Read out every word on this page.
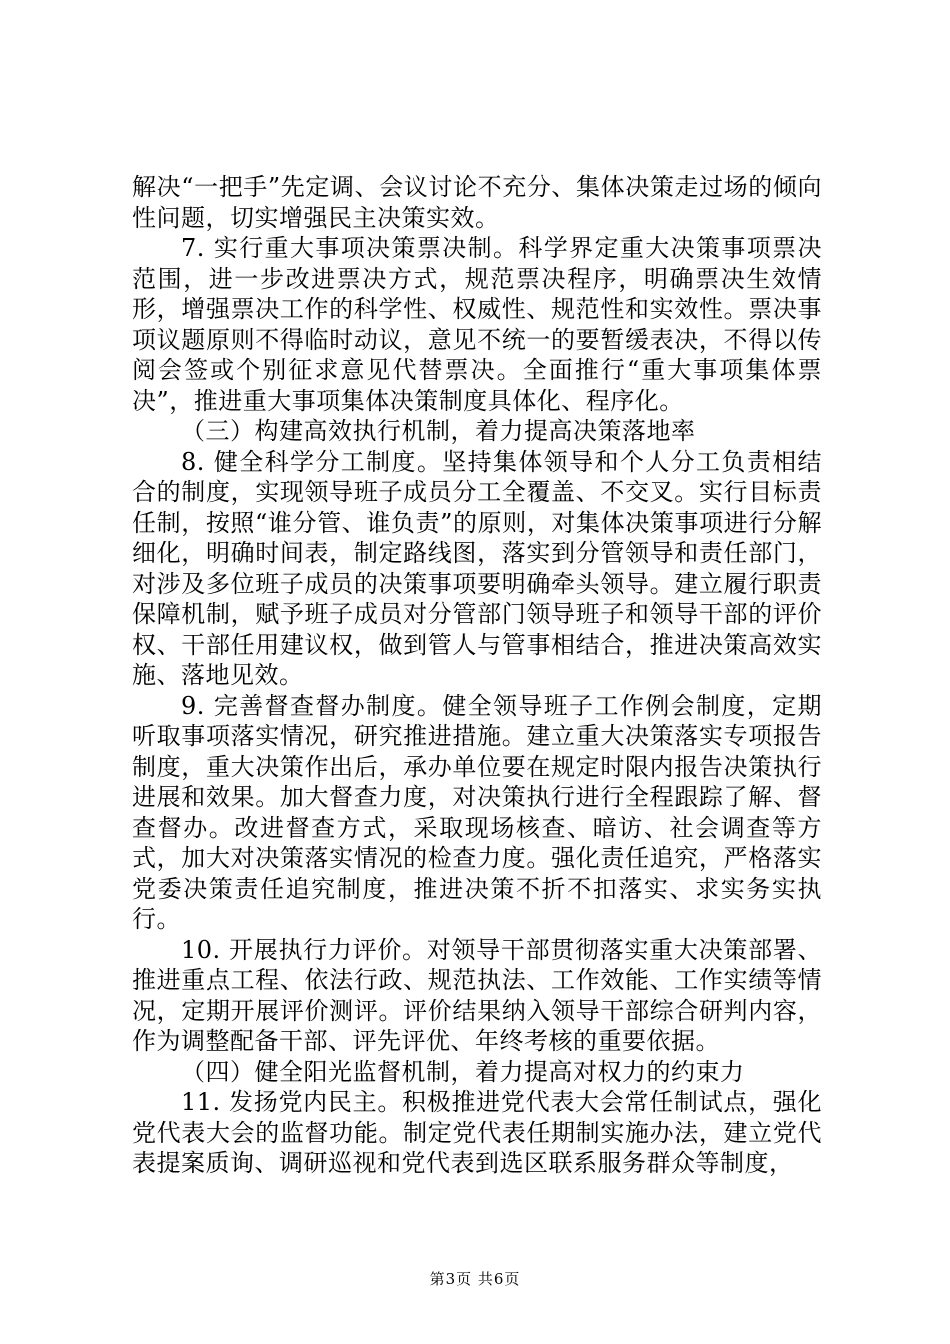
解决“一把手”先定调、会议讨论不充分、集体决策走过场的倾向性问题，切实增强民主决策实效。

7. 实行重大事项决策票决制。科学界定重大决策事项票决范围，进一步改进票决方式，规范票决程序，明确票决生效情形，增强票决工作的科学性、权威性、规范性和实效性。票决事项议题原则不得临时动议，意见不统一的要暂缓表决，不得以传阅会签或个别征求意见代替票决。全面推行“重大事项集体票决”，推进重大事项集体决策制度具体化、程序化。

（三）构建高效执行机制，着力提高决策落地率

8. 健全科学分工制度。坚持集体领导和个人分工负责相结合的制度，实现领导班子成员分工全覆盖、不交叉。实行目标责任制，按照“谁分管、谁负责”的原则，对集体决策事项进行分解细化，明确时间表，制定路线图，落实到分管领导和责任部门，对涉及多位班子成员的决策事项要明确牵头领导。建立履行职责保障机制，赋予班子成员对分管部门领导班子和领导干部的评价权、干部任用建议权，做到管人与管事相结合，推进决策高效实施、落地见效。

9. 完善督查督办制度。健全领导班子工作例会制度，定期听取事项落实情况，研究推进措施。建立重大决策落实专项报告制度，重大决策作出后，承办单位要在规定时限内报告决策执行进展和效果。加大督查力度，对决策执行进行全程跟踪了解、督查督办。改进督查方式，采取现场核查、暗访、社会调查等方式，加大对决策落实情况的检查力度。强化责任追究，严格落实党委决策责任追究制度，推进决策不折不扣落实、求实务实执行。

10. 开展执行力评价。对领导干部贯彻落实重大决策部署、推进重点工程、依法行政、规范执法、工作效能、工作实绩等情况，定期开展评价测评。评价结果纳入领导干部综合研判内容，作为调整配备干部、评先评优、年终考核的重要依据。

（四）健全阳光监督机制，着力提高对权力的约束力

11. 发扬党内民主。积极推进党代表大会常任制试点，强化党代表大会的监督功能。制定党代表任期制实施办法，建立党代表提案质询、调研巡视和党代表到选区联系服务群众等制度，

第3页 共6页
